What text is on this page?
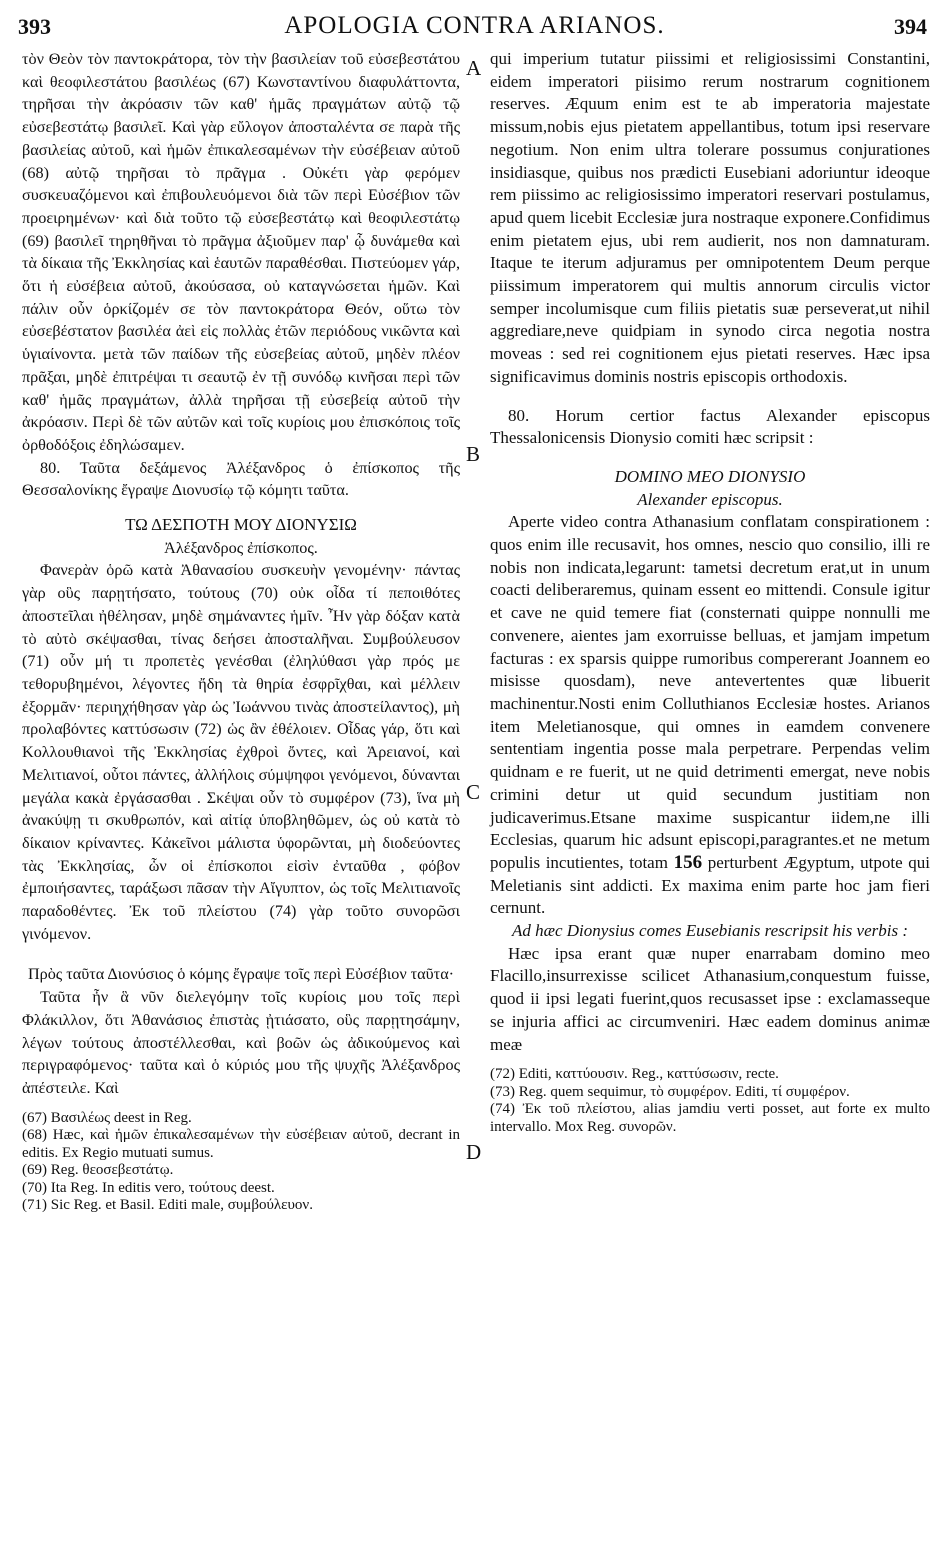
393	APOLOGIA CONTRA ARIANOS.	394
A
B
C
D

τὸν Θεὸν τὸν παντοκράτορα, τὸν τὴν βασιλείαν τοῦ εὐσεβεστάτου καὶ θεοφιλεστάτου βασιλέως (67) Κωνσταντίνου διαφυλάττοντα, τηρῆσαι τὴν ἀκρόασιν τῶν καθ' ἡμᾶς πραγμάτων αὐτῷ τῷ εὐσεβεστάτῳ βασιλεῖ. Καὶ γὰρ εὔλογον ἀποσταλέντα σε παρὰ τῆς βασιλείας αὐτοῦ, καὶ ἡμῶν ἐπικαλεσαμένων τὴν εὐσέβειαν αὐτοῦ (68) αὐτῷ τηρῆσαι τὸ πρᾶγμα . Οὐκέτι γὰρ φερόμεν συσκευαζόμενοι καὶ ἐπιβουλευόμενοι διὰ τῶν περὶ Εὐσέβιον τῶν προειρημένων· καὶ διὰ τοῦτο τῷ εὐσεβεστάτῳ καὶ θεοφιλεστάτῳ (69) βασιλεῖ τηρηθῆναι τὸ πρᾶγμα ἀξιοῦμεν παρ' ᾧ δυνάμεθα καὶ τὰ δίκαια τῆς Ἐκκλησίας καὶ ἑαυτῶν παραθέσθαι. Πιστεύομεν γάρ, ὅτι ἡ εὐσέβεια αὐτοῦ, ἀκούσασα, οὐ καταγνώσεται ἡμῶν. Καὶ πάλιν οὖν ὁρκίζομέν σε τὸν παντοκράτορα Θεόν, οὕτω τὸν εὐσεβέστατον βασιλέα ἀεὶ εἰς πολλὰς ἐτῶν περιόδους νικῶντα καὶ ὑγιαίνοντα. μετὰ τῶν παίδων τῆς εὐσεβείας αὐτοῦ, μηδὲν πλέον πρᾶξαι, μηδὲ ἐπιτρέψαι τι σεαυτῷ ἐν τῇ συνόδῳ κινῆσαι περὶ τῶν καθ' ἡμᾶς πραγμάτων, ἀλλὰ τηρῆσαι τῇ εὐσεβείᾳ αὐτοῦ τὴν ἀκρόασιν. Περὶ δὲ τῶν αὐτῶν καὶ τοῖς κυρίοις μου ἐπισκόποις τοῖς ὀρθοδόξοις ἐδηλώσαμεν.

80. Ταῦτα δεξάμενος Ἀλέξανδρος ὁ ἐπίσκοπος τῆς Θεσσαλονίκης ἔγραψε Διονυσίῳ τῷ κόμητι ταῦτα.

ΤΩ ΔΕΣΠΟΤΗ ΜΟΥ ΔΙΟΝΥΣΙΩ

Ἀλέξανδρος ἐπίσκοπος.

Φανερὰν ὁρῶ κατὰ Ἀθανασίου συσκευὴν γενομένην· πάντας γὰρ οὓς παρῃτήσατο, τούτους (70) οὐκ οἶδα τί πεποιθότες ἀποστεῖλαι ἠθέλησαν, μηδὲ σημάναντες ἡμῖν. Ἦν γὰρ δόξαν κατὰ τὸ αὐτὸ σκέψασθαι, τίνας δεήσει ἀποσταλῆναι. Συμβούλευσον (71) οὖν μή τι προπετὲς γενέσθαι (ἐληλύθασι γὰρ πρός με τεθορυβημένοι, λέγοντες ἤδη τὰ θηρία ἐσφρῖχθαι, καὶ μέλλειν ἐξορμᾶν· περιηχήθησαν γὰρ ὡς Ἰωάννου τινὰς ἀποστείλαντος), μὴ προλαβόντες καττύσωσιν (72) ὡς ἂν ἐθέλοιεν. Οἶδας γάρ, ὅτι καὶ Κολλουθιανοὶ τῆς Ἐκκλησίας ἐχθροὶ ὄντες, καὶ Ἀρειανοί, καὶ Μελιτιανοί, οὗτοι πάντες, ἀλλήλοις σύμψηφοι γενόμενοι, δύνανται μεγάλα κακὰ ἐργάσασθαι . Σκέψαι οὖν τὸ συμφέρον (73), ἵνα μὴ ἀνακύψῃ τι σκυθρωπόν, καὶ αἰτίᾳ ὑποβληθῶμεν, ὡς οὐ κατὰ τὸ δίκαιον κρίναντες. Κἀκεῖνοι μάλιστα ὑφορῶνται, μὴ διοδεύοντες τὰς Ἐκκλησίας, ὧν οἱ ἐπίσκοποι εἰσὶν ἐνταῦθα , φόβον ἐμποιήσαντες, ταράξωσι πᾶσαν τὴν Αἴγυπτον, ὡς τοῖς Μελιτιανοῖς παραδοθέντες. Ἐκ τοῦ πλείστου (74) γὰρ τοῦτο συνορῶσι γινόμενον.

Πρὸς ταῦτα Διονύσιος ὁ κόμης ἔγραψε τοῖς περὶ Εὐσέβιον ταῦτα·

Ταῦτα ἦν ἃ νῦν διελεγόμην τοῖς κυρίοις μου τοῖς περὶ Φλάκιλλον, ὅτι Ἀθανάσιος ἐπιστὰς ᾐτιάσατο, οὓς παρῃτησάμην, λέγων τούτους ἀποστέλλεσθαι, καὶ βοῶν ὡς ἀδικούμενος καὶ περιγραφόμενος· ταῦτα καὶ ὁ κύριός μου τῆς ψυχῆς Ἀλέξανδρος ἀπέστειλε. Καὶ

(67) Βασιλέως deest in Reg.

(68) Hæc, καὶ ἡμῶν ἐπικαλεσαμένων τὴν εὐσέβειαν αὐτοῦ, decrant in editis. Ex Regio mutuati sumus.

(69) Reg. θεοσεβεστάτῳ.

(70) Ita Reg. In editis vero, τούτους deest.

(71) Sic Reg. et Basil. Editi male, συμβούλευον.

qui imperium tutatur piissimi et religiosissimi Constantini, eidem imperatori piisimo rerum nostrarum cognitionem reserves. Æquum enim est te ab imperatoria majestate missum,nobis ejus pietatem appellantibus, totum ipsi reservare negotium. Non enim ultra tolerare possumus conjurationes insidiasque, quibus nos prædicti Eusebiani adoriuntur ideoque rem piissimo ac religiosissimo imperatori reservari postulamus, apud quem licebit Ecclesiæ jura nostraque exponere.Confidimus enim pietatem ejus, ubi rem audierit, nos non damnaturam. Itaque te iterum adjuramus per omnipotentem Deum perque piissimum imperatorem qui multis annorum circulis victor semper incolumisque cum filiis pietatis suæ perseverat,ut nihil aggrediare,neve quidpiam in synodo circa negotia nostra moveas : sed rei cognitionem ejus pietati reserves. Hæc ipsa significavimus dominis nostris episcopis orthodoxis.

80. Horum certior factus Alexander episcopus Thessalonicensis Dionysio comiti hæc scripsit :

DOMINO MEO DIONYSIO

Alexander episcopus.

Aperte video contra Athanasium conflatam conspirationem : quos enim ille recusavit, hos omnes, nescio quo consilio, illi re nobis non indicata,legarunt: tametsi decretum erat,ut in unum coacti deliberaremus, quinam essent eo mittendi. Consule igitur et cave ne quid temere fiat (consternati quippe nonnulli me convenere, aientes jam exorruisse belluas, et jamjam impetum facturas : ex sparsis quippe rumoribus compererant Joannem eo misisse quosdam), neve antevertentes quæ libuerit machinentur.Nosti enim Colluthianos Ecclesiæ hostes. Arianos item Meletianosque, qui omnes in eamdem convenere sententiam ingentia posse mala perpetrare. Perpendas velim quidnam e re fuerit, ut ne quid detrimenti emergat, neve nobis crimini detur ut quid secundum justitiam non judicaverimus.Etsane maxime suspicantur iidem,ne illi Ecclesias, quarum hic adsunt episcopi,paragrantes.et ne metum populis incutientes, totam 156 perturbent Ægyptum, utpote qui Meletianis sint addicti. Ex maxima enim parte hoc jam fieri cernunt.

Ad hæc Dionysius comes Eusebianis rescripsit his verbis :

Hæc ipsa erant quæ nuper enarrabam domino meo Flacillo,insurrexisse scilicet Athanasium,conquestum fuisse, quod ii ipsi legati fuerint,quos recusasset ipse : exclamasseque se injuria affici ac circumveniri. Hæc eadem dominus animæ meæ

(72) Editi, καττύουσιν. Reg., καττύσωσιν, recte.

(73) Reg. quem sequimur, τὸ συμφέρον. Editi, τί συμφέρον.

(74) Ἐκ τοῦ πλείστου, alias jamdiu verti posset, aut forte ex multo intervallo. Mox Reg. συνορῶν.
